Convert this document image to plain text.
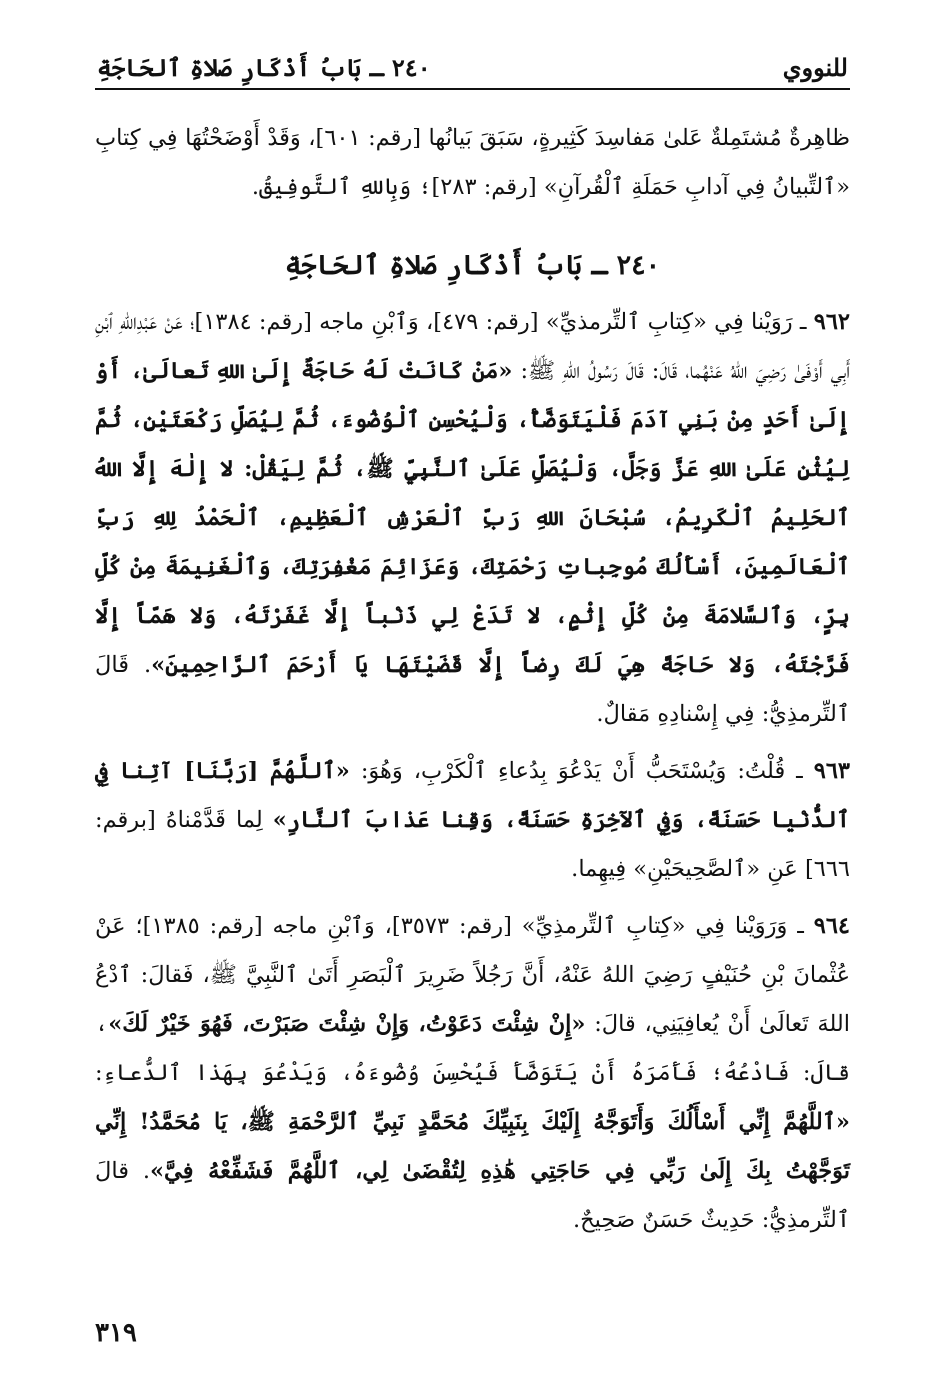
للنووي
٢٤٠ ـ بَابُ أَذْكَارِ صَلاةِ ٱلحَاجَةِ

ظاهِرةٌ مُشتَمِلةٌ عَلىٰ مَفاسِدَ كَثِيرةٍ، سَبَقَ بَيانُها [رقم: ٦٠١]، وَقَدْ أَوْضَحْتُهَا فِي كِتابِ «ٱلتِّبيانُ فِي آدابِ حَمَلَةِ ٱلْقُرآنِ» [رقم: ٢٨٣]؛ وَبِاللهِ ٱلتَّوفِيقُ.

٢٤٠ ـ بَابُ أَذْكَارِ صَلاةِ ٱلحَاجَةِ

٩٦٢ ـ رَوَيْنا فِي «كِتابِ ٱلتِّرمذيِّ» [رقم: ٤٧٩]، وَٱبْنِ ماجه [رقم: ١٣٨٤]؛ عَنْ عَبْدِاللهِ ٱبْنِ أَبِي أَوْفَىٰ رَضِيَ اللهُ عَنْهُما، قَالَ: قَالَ رَسُولُ اللهِ ﷺ: «مَنْ كَانَتْ لَهُ حَاجَةٌ إِلَىٰ اللهِ تَعالَىٰ، أَوْ إِلَىٰ أَحَدٍ مِنْ بَنِي آدَمَ فَلْيَتَوَضَّأْ، وَلْيُحْسِنِ ٱلْوُضُوءَ، ثُمَّ لِيُصَلِّ رَكْعَتَيْنِ، ثُمَّ لِيُثْنِ عَلَىٰ اللهِ عَزَّ وَجَلَّ، وَلْيُصَلِّ عَلَىٰ ٱلنَّبِيِّ ﷺ، ثُمَّ لِيَقُلْ: لا إِلٰهَ إِلَّا اللهُ ٱلحَلِيمُ ٱلْكَرِيمُ، سُبْحَانَ اللهِ رَبِّ ٱلْعَرْشِ ٱلْعَظِيمِ، ٱلْحَمْدُ لِلهِ رَبِّ ٱلْعَالَمِينَ، أَسْأَلُكَ مُوجِباتِ رَحْمَتِكَ، وَعَزَائِمَ مَغْفِرَتِكَ، وَٱلْغَنِيمَةَ مِنْ كُلِّ بِرٍّ، وَٱلسَّلامَةَ مِنْ كُلِّ إِثْمٍ، لا تَدَعْ لِي ذَنْباً إِلَّا غَفَرْتَهُ، وَلا هَمّاً إِلَّا فَرَّجْتَهُ، وَلا حَاجَةً هِيَ لَكَ رِضاً إِلَّا قَضَيْتَهَا يَا أَرْحَمَ ٱلرَّاحِمِينَ». قَالَ ٱلتِّرمذِيُّ: فِي إِسْنادِهِ مَقالٌ.

٩٦٣ ـ قُلْتُ: وَيُسْتَحَبُّ أَنْ يَدْعُوَ بِدُعاءِ ٱلْكَرْبِ، وَهُوَ: «ٱللَّهُمَّ [رَبَّنَا] آتِنا فِي ٱلدُّنْيا حَسَنَةً، وَفِي ٱلآخِرَةِ حَسَنَةً، وَقِنا عَذابَ ٱلنَّارِ» لِما قَدَّمْناهُ [برقم: ٦٦٦] عَنِ «ٱلصَّحِيحَيْنِ» فِيهِما.

٩٦٤ ـ وَرَوَيْنا فِي «كِتابِ ٱلتِّرمذِيِّ» [رقم: ٣٥٧٣]، وَٱبْنِ ماجه [رقم: ١٣٨٥]؛ عَنْ عُثْمانَ بْنِ حُنَيْفٍ رَضِيَ اللهُ عَنْهُ، أَنَّ رَجُلاً ضَرِيرَ ٱلْبَصَرِ أَتَىٰ ٱلنَّبِيَّ ﷺ، فَقالَ: ٱدْعُ اللهَ تَعالَىٰ أَنْ يُعافِيَنِي، قالَ: «إِنْ شِئْتَ دَعَوْتُ، وَإِنْ شِئْتَ صَبَرْتَ، فَهُوَ خَيْرٌ لَكَ»، قالَ: فَادْعُهُ؛ فَأَمَرَهُ أَنْ يَتَوَضَّأَ فَيُحْسِنَ وُضُوءَهُ، وَيَدْعُوَ بِهَذا ٱلدُّعاءِ: «ٱللَّهُمَّ إِنِّي أَسْأَلُكَ وَأَتَوَجَّهُ إِلَيْكَ بِنَبِيِّكَ مُحَمَّدٍ نَبِيِّ ٱلرَّحْمَةِ ﷺ، يَا مُحَمَّدُ! إِنِّي تَوَجَّهْتُ بِكَ إِلَىٰ رَبِّي فِي حَاجَتِي هَٰذِهِ لِتُقْضَىٰ لِي، ٱللَّهُمَّ فَشَفِّعْهُ فِيَّ». قالَ ٱلتِّرمذِيُّ: حَدِيثٌ حَسَنٌ صَحِيحٌ.

٣١٩
